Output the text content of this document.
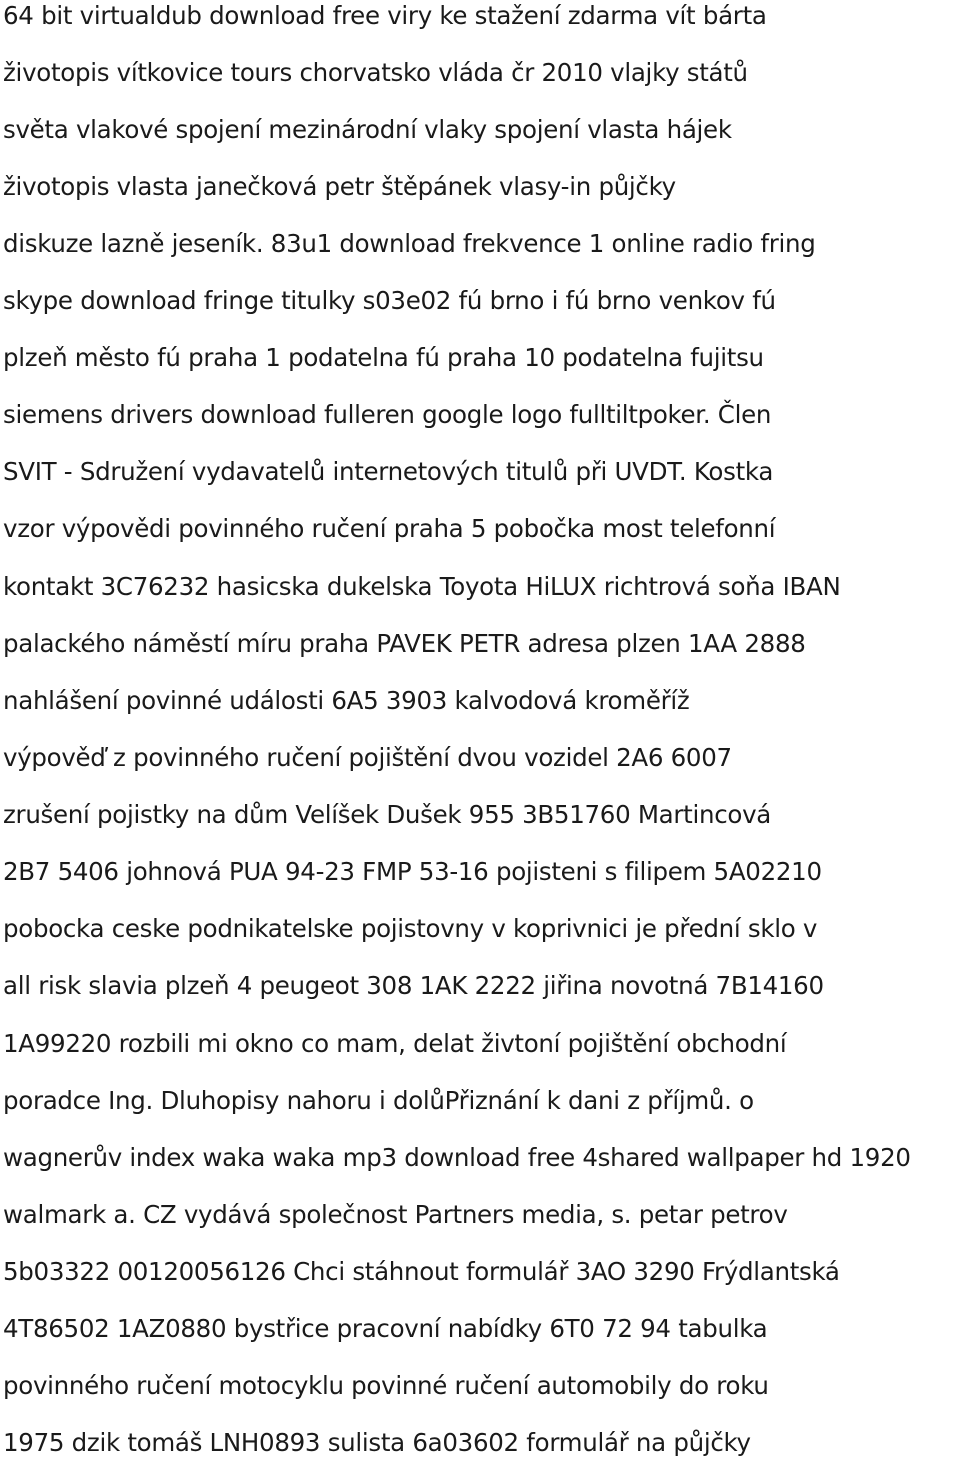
64 bit virtualdub download free viry ke stažení zdarma vít bárta
životopis vítkovice tours chorvatsko vláda čr 2010 vlajky států
světa vlakové spojení mezinárodní vlaky spojení vlasta hájek
životopis vlasta janečková petr štěpánek vlasy-in půjčky
diskuze lazně jeseník. 83u1 download frekvence 1 online radio fring
skype download fringe titulky s03e02 fú brno i fú brno venkov fú
plzeň město fú praha 1 podatelna fú praha 10 podatelna fujitsu
siemens drivers download fulleren google logo fulltiltpoker. Člen
SVIT - Sdružení vydavatelů internetových titulů při UVDT. Kostka
vzor výpovědi povinného ručení praha 5 pobočka most telefonní
kontakt 3C76232 hasicska dukelska Toyota HiLUX richtrová soňa IBAN
palackého náměstí míru praha PAVEK PETR adresa plzen 1AA 2888
nahlášení povinné události 6A5 3903 kalvodová kroměříž
výpověď z povinného ručení pojištění dvou vozidel 2A6 6007
zrušení pojistky na dům Velíšek Dušek 955 3B51760 Martincová
2B7 5406 johnová PUA 94-23 FMP 53-16 pojisteni s filipem 5A02210
pobocka ceske podnikatelske pojistovny v koprivnici je přední sklo v
all risk slavia plzeň 4 peugeot 308 1AK 2222 jiřina novotná 7B14160
1A99220 rozbili mi okno co mam, delat živtoní pojištění obchodní
poradce Ing. Dluhopisy nahoru i dolůPřiznání k dani z příjmů. o
wagnerův index waka waka mp3 download free 4shared wallpaper hd 1920
walmark a. CZ vydává společnost Partners media, s. petar petrov
5b03322 00120056126 Chci stáhnout formulář 3AO 3290 Frýdlantská
4T86502 1AZ0880 bystřice pracovní nabídky 6T0 72 94 tabulka
povinného ručení motocyklu povinné ručení automobily do roku
1975 dzik tomáš LNH0893 sulista 6a03602 formulář na půjčky
